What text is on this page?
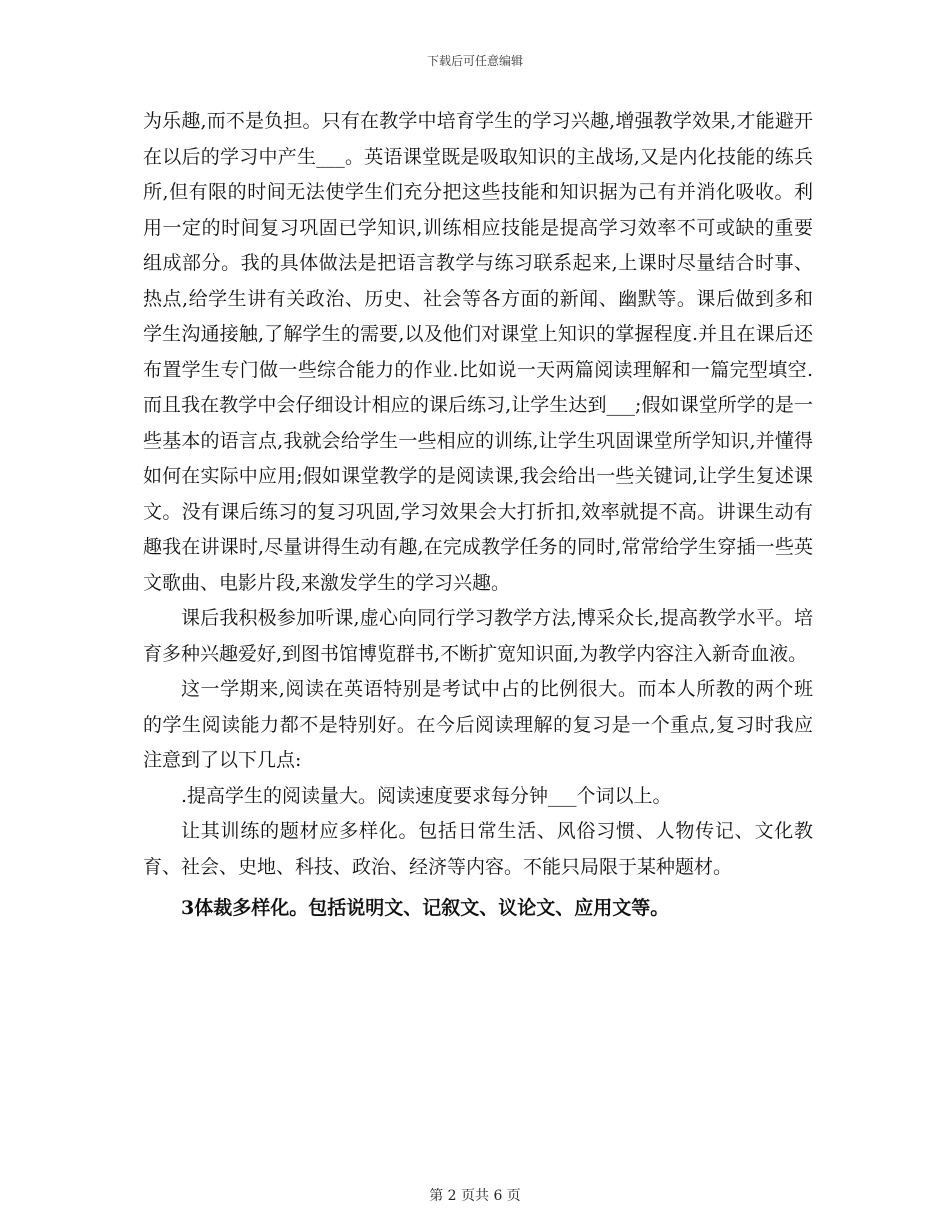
下载后可任意编辑

为乐趣,而不是负担。只有在教学中培育学生的学习兴趣,增强教学效果,才能避开在以后的学习中产生___。英语课堂既是吸取知识的主战场,又是内化技能的练兵所,但有限的时间无法使学生们充分把这些技能和知识据为己有并消化吸收。利用一定的时间复习巩固已学知识,训练相应技能是提高学习效率不可或缺的重要组成部分。我的具体做法是把语言教学与练习联系起来,上课时尽量结合时事、热点,给学生讲有关政治、历史、社会等各方面的新闻、幽默等。课后做到多和学生沟通接触,了解学生的需要,以及他们对课堂上知识的掌握程度.并且在课后还布置学生专门做一些综合能力的作业.比如说一天两篇阅读理解和一篇完型填空.而且我在教学中会仔细设计相应的课后练习,让学生达到___;假如课堂所学的是一些基本的语言点,我就会给学生一些相应的训练,让学生巩固课堂所学知识,并懂得如何在实际中应用;假如课堂教学的是阅读课,我会给出一些关键词,让学生复述课文。没有课后练习的复习巩固,学习效果会大打折扣,效率就提不高。讲课生动有趣我在讲课时,尽量讲得生动有趣,在完成教学任务的同时,常常给学生穿插一些英文歌曲、电影片段,来激发学生的学习兴趣。

课后我积极参加听课,虚心向同行学习教学方法,博采众长,提高教学水平。培育多种兴趣爱好,到图书馆博览群书,不断扩宽知识面,为教学内容注入新奇血液。

这一学期来,阅读在英语特别是考试中占的比例很大。而本人所教的两个班的学生阅读能力都不是特别好。在今后阅读理解的复习是一个重点,复习时我应注意到了以下几点:

.提高学生的阅读量大。阅读速度要求每分钟___个词以上。

让其训练的题材应多样化。包括日常生活、风俗习惯、人物传记、文化教育、社会、史地、科技、政治、经济等内容。不能只局限于某种题材。

3体裁多样化。包括说明文、记叙文、议论文、应用文等。

第 2 页共 6 页
